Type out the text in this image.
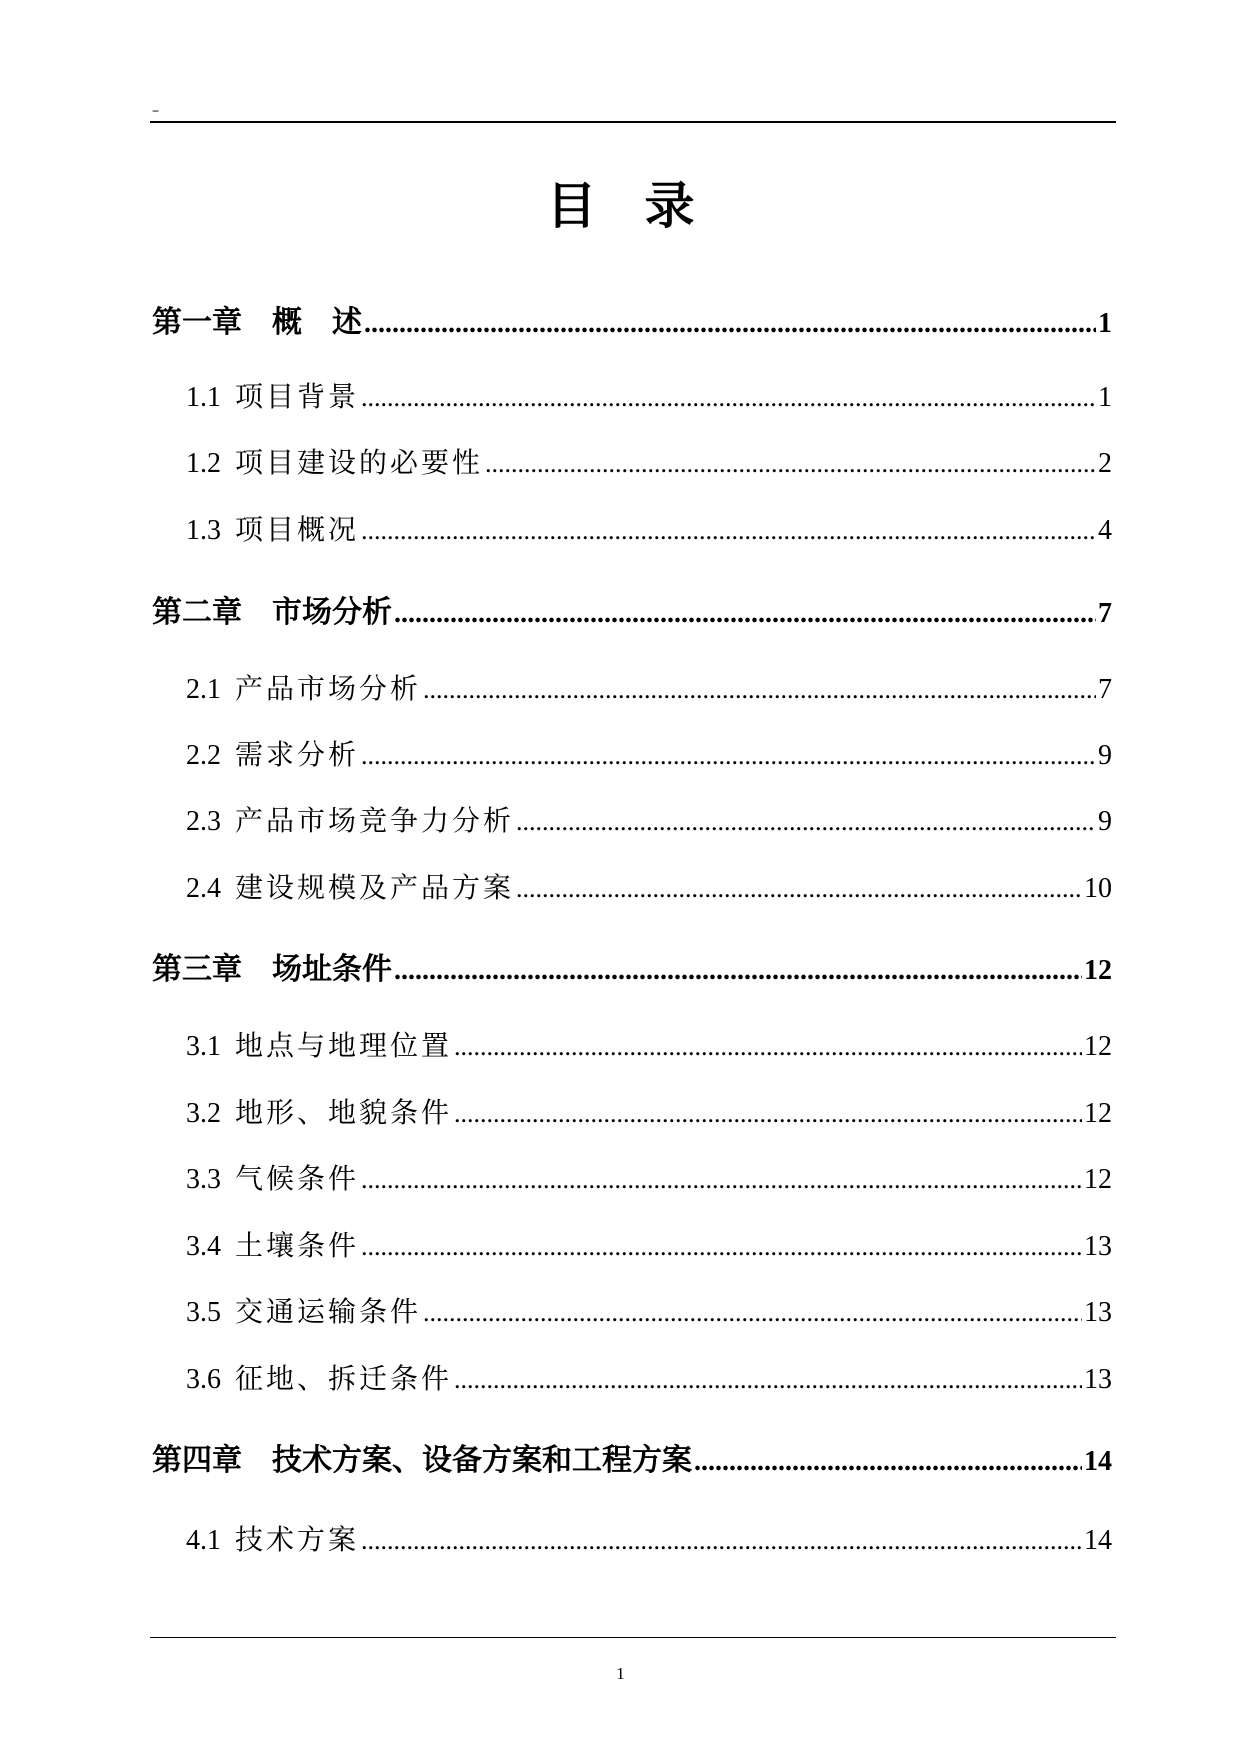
–
目录
第一章　概　述 .....	1
1.1 项目背景 .....	1
1.2 项目建设的必要性 .....	2
1.3 项目概况 .....	4
第二章　市场分析 .....	7
2.1 产品市场分析 .....	7
2.2 需求分析 .....	9
2.3 产品市场竞争力分析 .....	9
2.4 建设规模及产品方案 .....	10
第三章　场址条件 .....	12
3.1 地点与地理位置 .....	12
3.2 地形、地貌条件 .....	12
3.3 气候条件 .....	12
3.4 土壤条件 .....	13
3.5 交通运输条件 .....	13
3.6 征地、拆迁条件 .....	13
第四章　技术方案、设备方案和工程方案 .....	14
4.1 技术方案 .....	14
1
